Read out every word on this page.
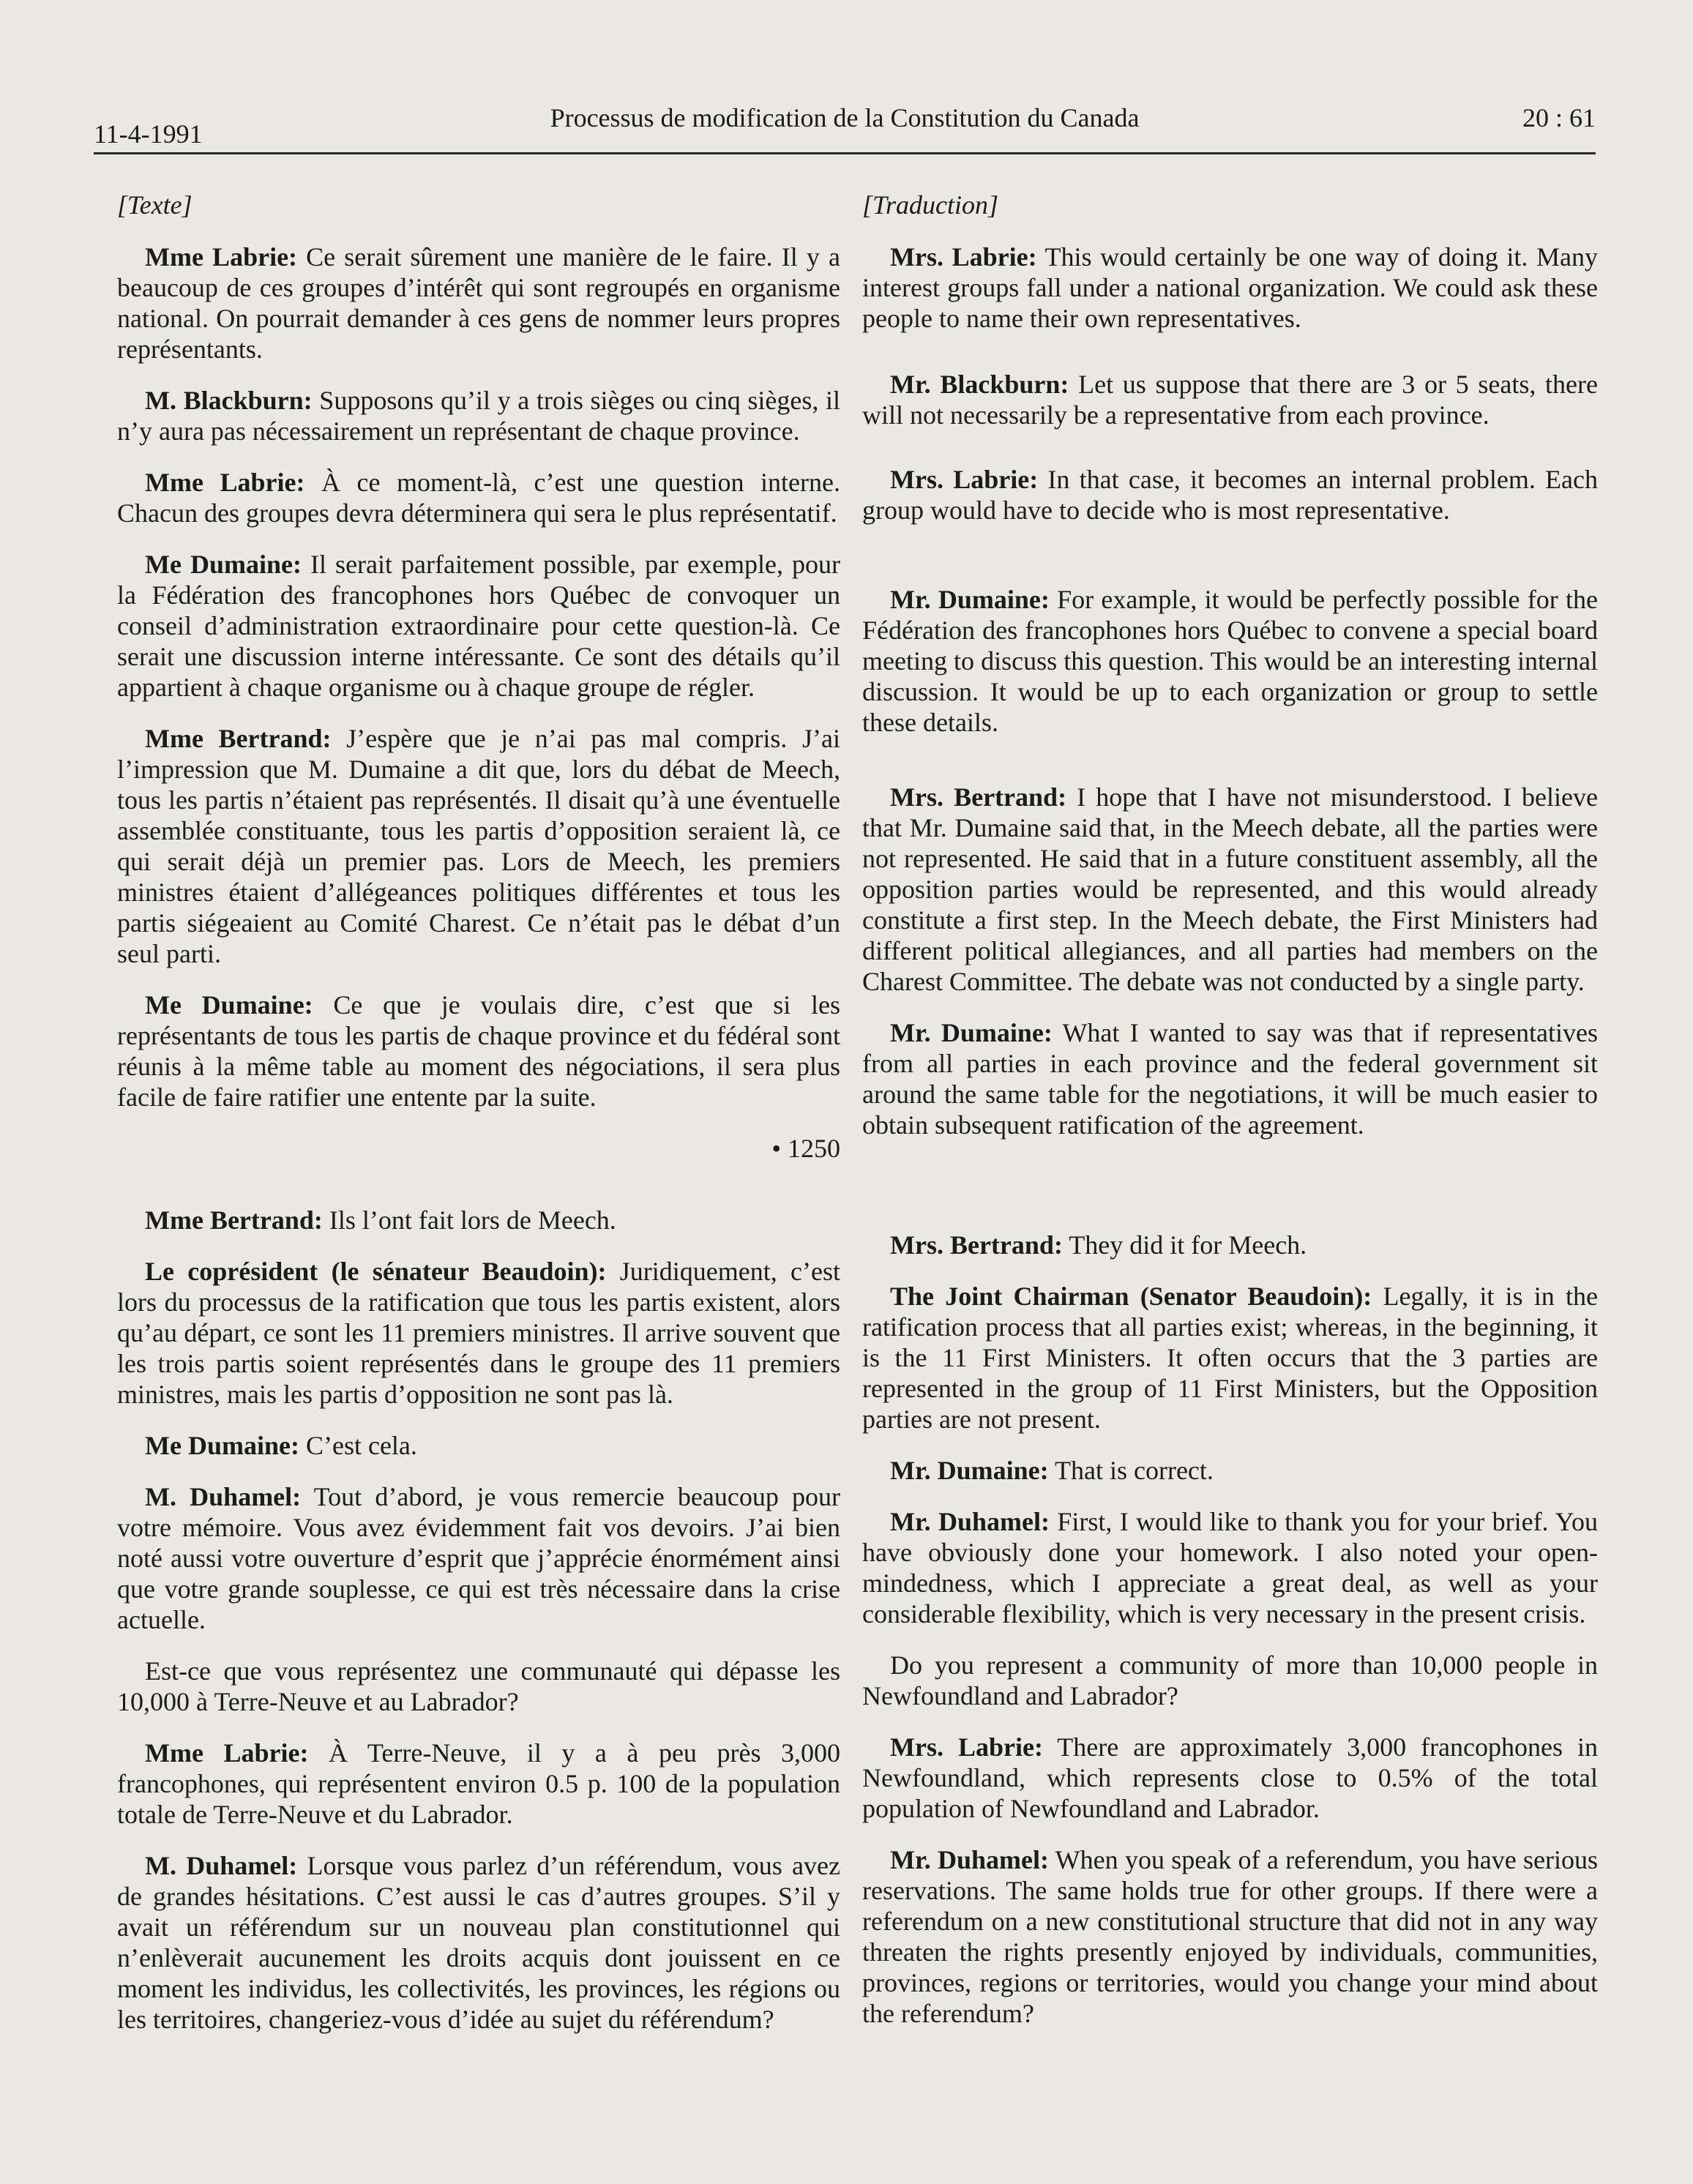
11-4-1991
Processus de modification de la Constitution du Canada	20 : 61
[Texte]

Mme Labrie: Ce serait sûrement une manière de le faire. Il y a beaucoup de ces groupes d’intérêt qui sont regroupés en organisme national. On pourrait demander à ces gens de nommer leurs propres représentants.

M. Blackburn: Supposons qu’il y a trois sièges ou cinq sièges, il n’y aura pas nécessairement un représentant de chaque province.

Mme Labrie: À ce moment-là, c’est une question interne. Chacun des groupes devra déterminera qui sera le plus représentatif.

Me Dumaine: Il serait parfaitement possible, par exemple, pour la Fédération des francophones hors Québec de convoquer un conseil d’administration extraordinaire pour cette question-là. Ce serait une discussion interne intéressante. Ce sont des détails qu’il appartient à chaque organisme ou à chaque groupe de régler.

Mme Bertrand: J’espère que je n’ai pas mal compris. J’ai l’impression que M. Dumaine a dit que, lors du débat de Meech, tous les partis n’étaient pas représentés. Il disait qu’à une éventuelle assemblée constituante, tous les partis d’opposition seraient là, ce qui serait déjà un premier pas. Lors de Meech, les premiers ministres étaient d’allégeances politiques différentes et tous les partis siégeaient au Comité Charest. Ce n’était pas le débat d’un seul parti.

Me Dumaine: Ce que je voulais dire, c’est que si les représentants de tous les partis de chaque province et du fédéral sont réunis à la même table au moment des négociations, il sera plus facile de faire ratifier une entente par la suite.

• 1250

Mme Bertrand: Ils l’ont fait lors de Meech.

Le coprésident (le sénateur Beaudoin): Juridiquement, c’est lors du processus de la ratification que tous les partis existent, alors qu’au départ, ce sont les 11 premiers ministres. Il arrive souvent que les trois partis soient représentés dans le groupe des 11 premiers ministres, mais les partis d’opposition ne sont pas là.

Me Dumaine: C’est cela.

M. Duhamel: Tout d’abord, je vous remercie beaucoup pour votre mémoire. Vous avez évidemment fait vos devoirs. J’ai bien noté aussi votre ouverture d’esprit que j’apprécie énormément ainsi que votre grande souplesse, ce qui est très nécessaire dans la crise actuelle.

Est-ce que vous représentez une communauté qui dépasse les 10,000 à Terre-Neuve et au Labrador?

Mme Labrie: À Terre-Neuve, il y a à peu près 3,000 francophones, qui représentent environ 0.5 p. 100 de la population totale de Terre-Neuve et du Labrador.

M. Duhamel: Lorsque vous parlez d’un référendum, vous avez de grandes hésitations. C’est aussi le cas d’autres groupes. S’il y avait un référendum sur un nouveau plan constitutionnel qui n’enlèverait aucunement les droits acquis dont jouissent en ce moment les individus, les collectivités, les provinces, les régions ou les territoires, changeriez-vous d’idée au sujet du référendum?

[Traduction]

Mrs. Labrie: This would certainly be one way of doing it. Many interest groups fall under a national organization. We could ask these people to name their own representatives.

Mr. Blackburn: Let us suppose that there are 3 or 5 seats, there will not necessarily be a representative from each province.

Mrs. Labrie: In that case, it becomes an internal problem. Each group would have to decide who is most representative.

Mr. Dumaine: For example, it would be perfectly possible for the Fédération des francophones hors Québec to convene a special board meeting to discuss this question. This would be an interesting internal discussion. It would be up to each organization or group to settle these details.

Mrs. Bertrand: I hope that I have not misunderstood. I believe that Mr. Dumaine said that, in the Meech debate, all the parties were not represented. He said that in a future constituent assembly, all the opposition parties would be represented, and this would already constitute a first step. In the Meech debate, the First Ministers had different political allegiances, and all parties had members on the Charest Committee. The debate was not conducted by a single party.

Mr. Dumaine: What I wanted to say was that if representatives from all parties in each province and the federal government sit around the same table for the negotiations, it will be much easier to obtain subsequent ratification of the agreement.

Mrs. Bertrand: They did it for Meech.

The Joint Chairman (Senator Beaudoin): Legally, it is in the ratification process that all parties exist; whereas, in the beginning, it is the 11 First Ministers. It often occurs that the 3 parties are represented in the group of 11 First Ministers, but the Opposition parties are not present.

Mr. Dumaine: That is correct.

Mr. Duhamel: First, I would like to thank you for your brief. You have obviously done your homework. I also noted your open-mindedness, which I appreciate a great deal, as well as your considerable flexibility, which is very necessary in the present crisis.

Do you represent a community of more than 10,000 people in Newfoundland and Labrador?

Mrs. Labrie: There are approximately 3,000 francophones in Newfoundland, which represents close to 0.5% of the total population of Newfoundland and Labrador.

Mr. Duhamel: When you speak of a referendum, you have serious reservations. The same holds true for other groups. If there were a referendum on a new constitutional structure that did not in any way threaten the rights presently enjoyed by individuals, communities, provinces, regions or territories, would you change your mind about the referendum?
